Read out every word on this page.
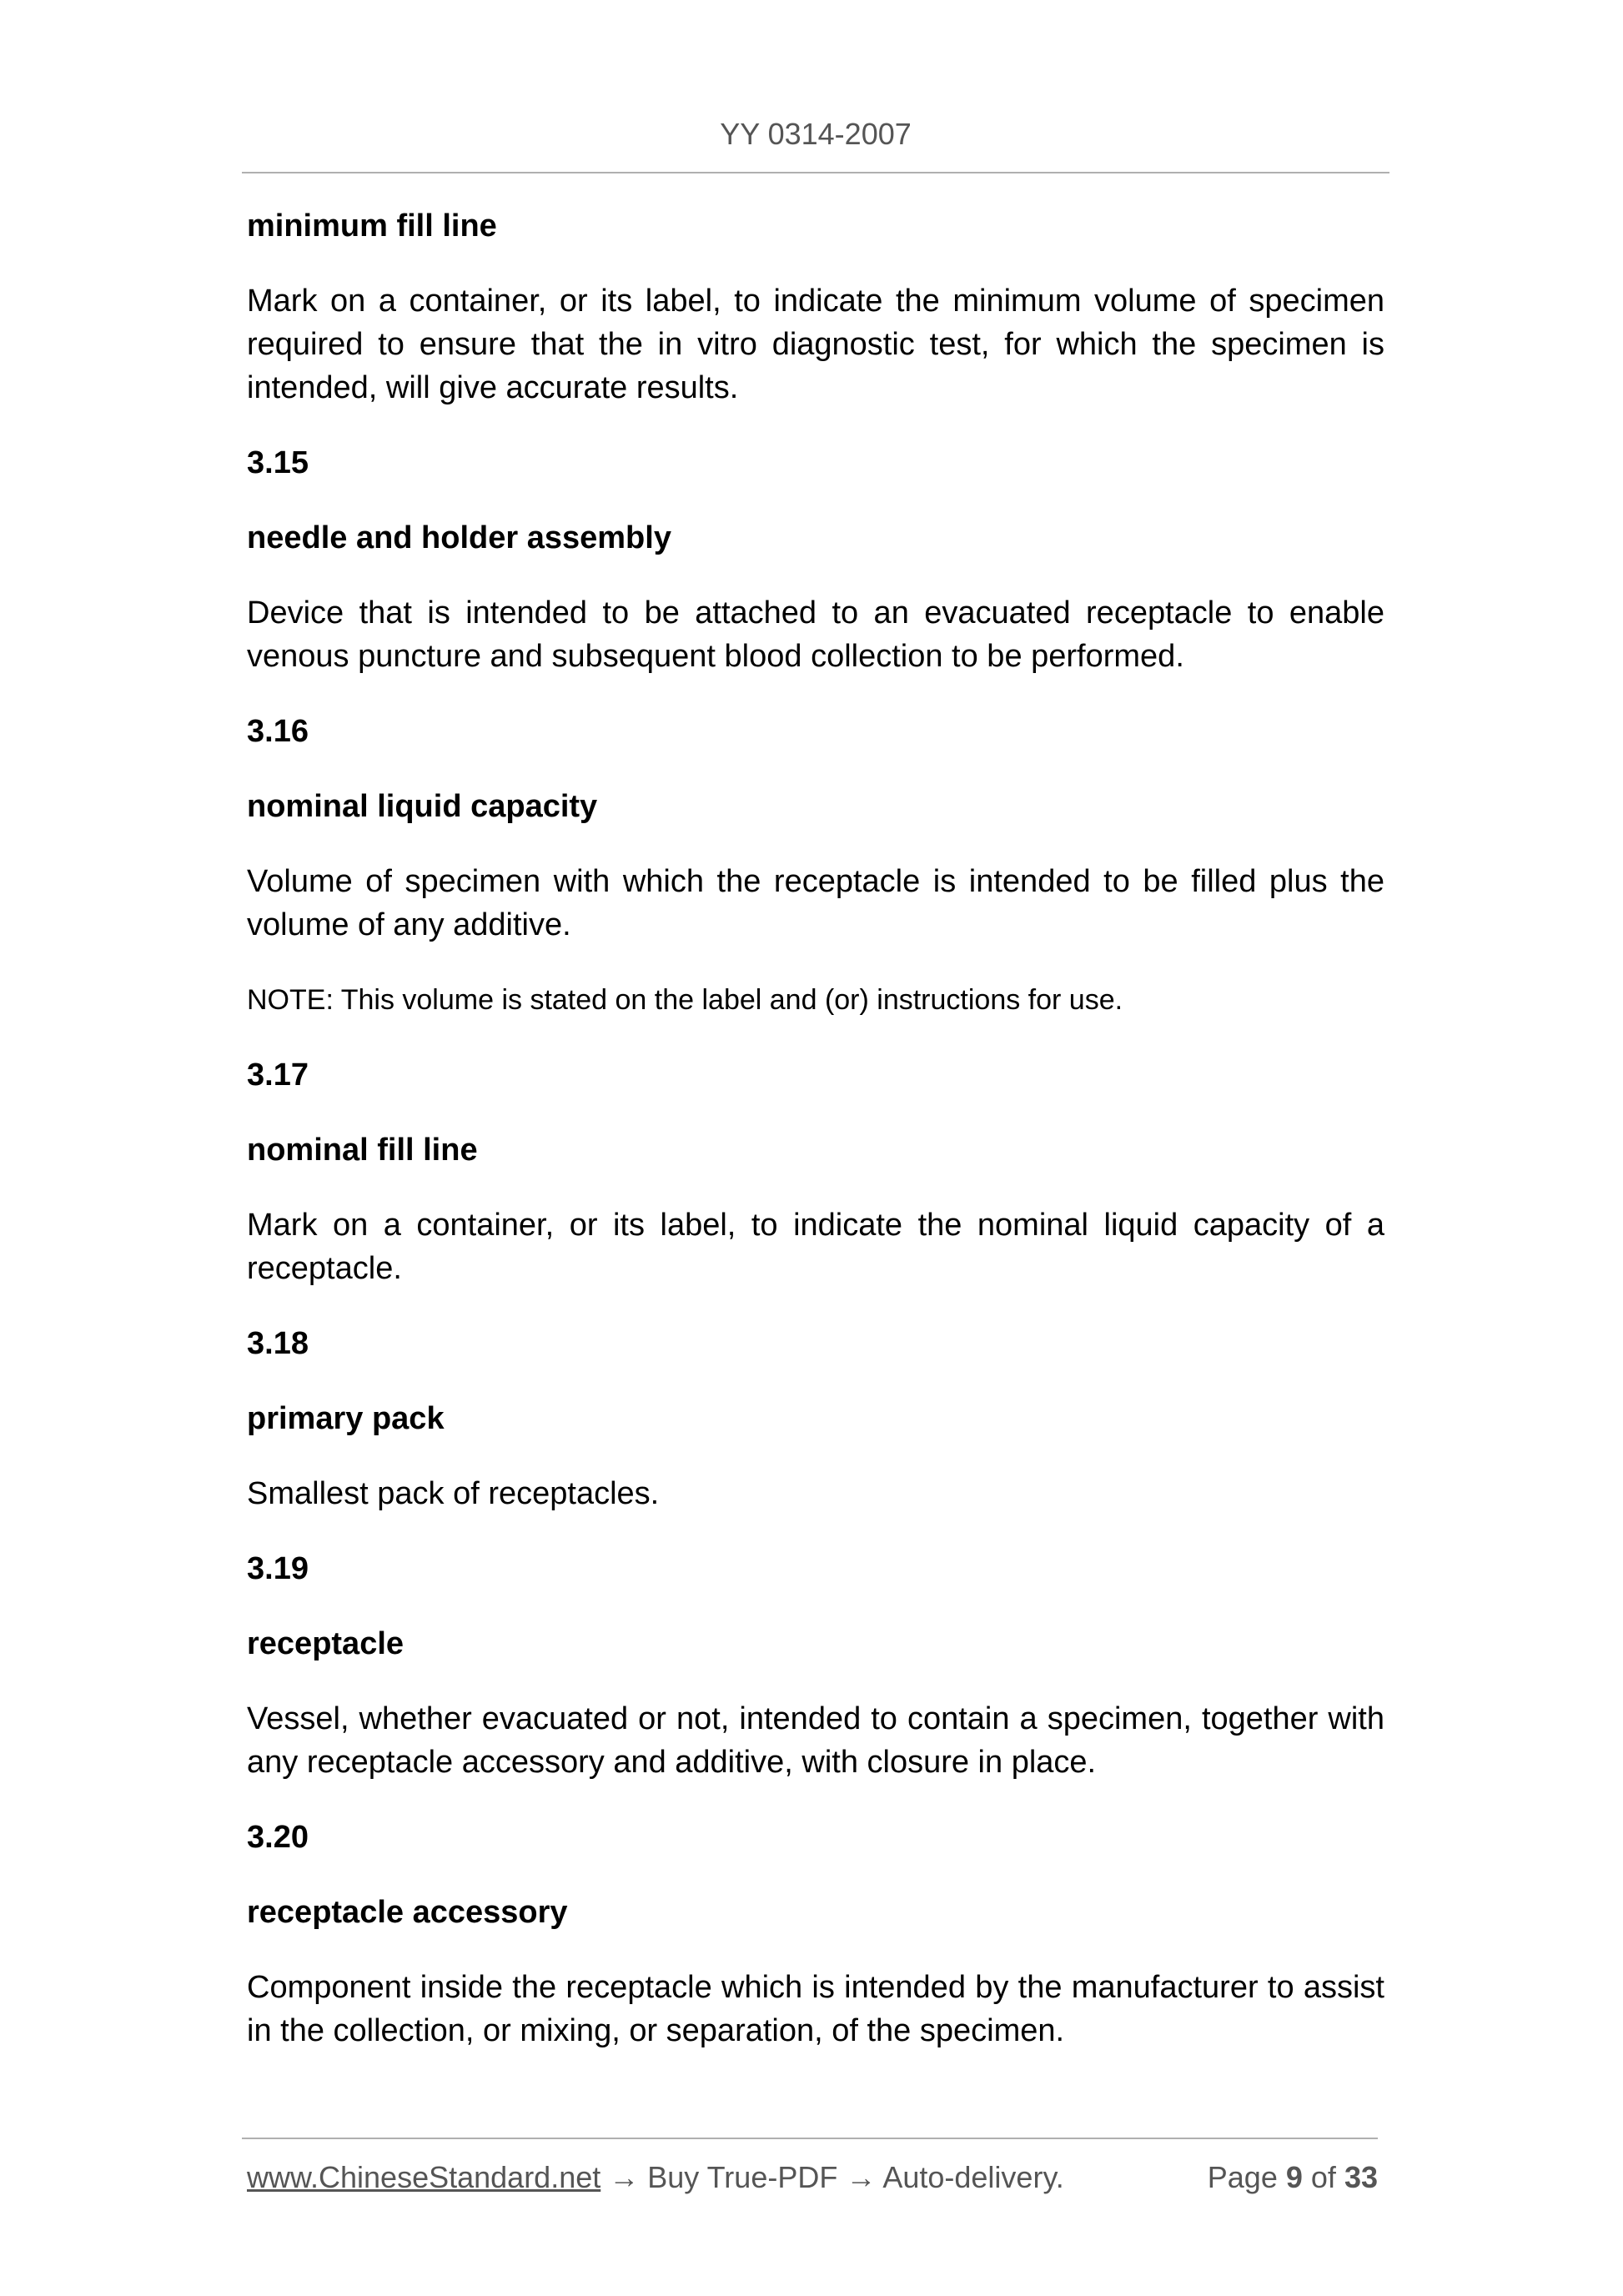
YY 0314-2007

minimum fill line

Mark on a container, or its label, to indicate the minimum volume of specimen required to ensure that the in vitro diagnostic test, for which the specimen is intended, will give accurate results.

3.15

needle and holder assembly

Device that is intended to be attached to an evacuated receptacle to enable venous puncture and subsequent blood collection to be performed.

3.16

nominal liquid capacity

Volume of specimen with which the receptacle is intended to be filled plus the volume of any additive.

NOTE: This volume is stated on the label and (or) instructions for use.

3.17

nominal fill line

Mark on a container, or its label, to indicate the nominal liquid capacity of a receptacle.

3.18

primary pack

Smallest pack of receptacles.

3.19

receptacle

Vessel, whether evacuated or not, intended to contain a specimen, together with any receptacle accessory and additive, with closure in place.

3.20

receptacle accessory

Component inside the receptacle which is intended by the manufacturer to assist in the collection, or mixing, or separation, of the specimen.

www.ChineseStandard.net → Buy True-PDF → Auto-delivery.	Page 9 of 33
